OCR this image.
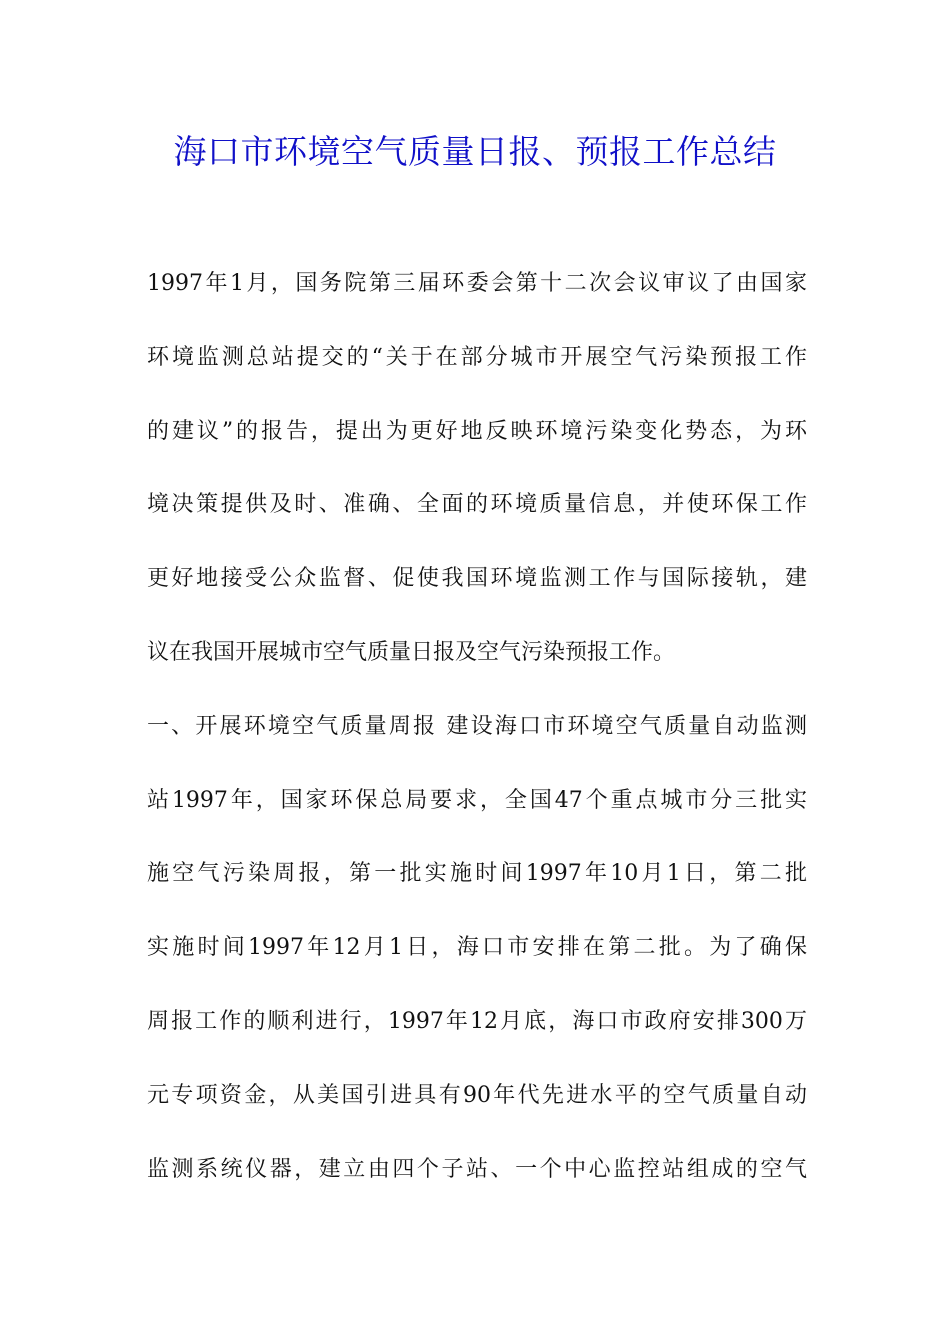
海口市环境空气质量日报、预报工作总结
1997年1月，国务院第三届环委会第十二次会议审议了由国家
环境监测总站提交的“关于在部分城市开展空气污染预报工作
的建议”的报告，提出为更好地反映环境污染变化势态，为环
境决策提供及时、准确、全面的环境质量信息，并使环保工作
更好地接受公众监督、促使我国环境监测工作与国际接轨，建
议在我国开展城市空气质量日报及空气污染预报工作。
一、开展环境空气质量周报 建设海口市环境空气质量自动监测
站1997年，国家环保总局要求，全国47个重点城市分三批实
施空气污染周报，第一批实施时间1997年10月1日，第二批
实施时间1997年12月1日，海口市安排在第二批。为了确保
周报工作的顺利进行，1997年12月底，海口市政府安排300万
元专项资金，从美国引进具有90年代先进水平的空气质量自动
监测系统仪器，建立由四个子站、一个中心监控站组成的空气
